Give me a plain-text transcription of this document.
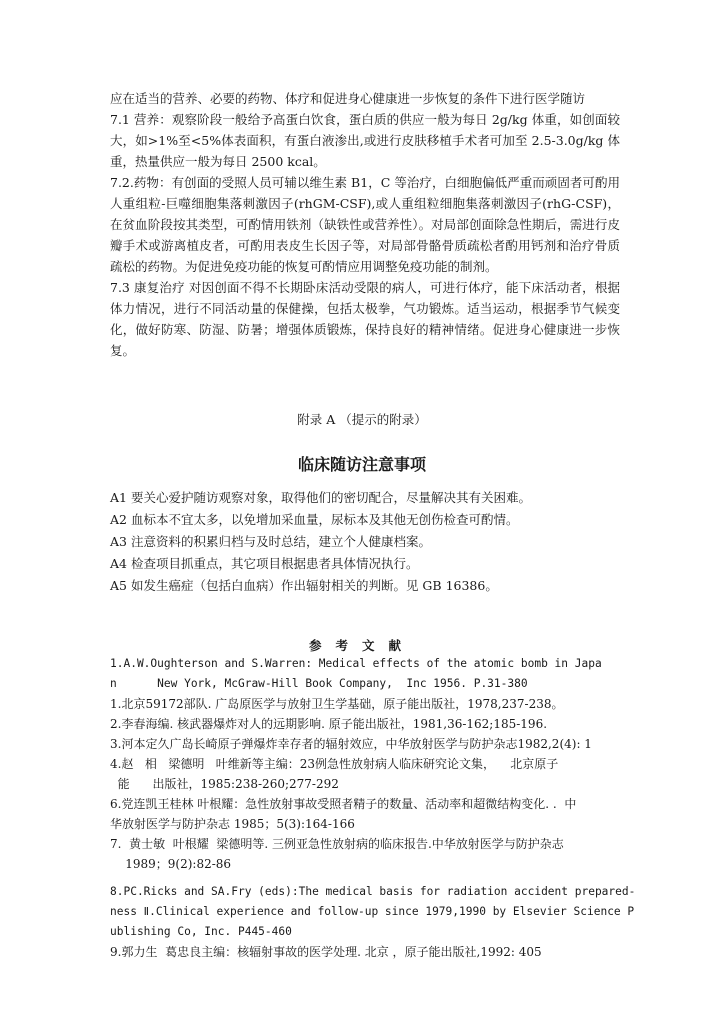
应在适当的营养、必要的药物、体疗和促进身心健康进一步恢复的条件下进行医学随访

7.1 营养：观察阶段一般给予高蛋白饮食，蛋白质的供应一般为每日 2g/kg 体重，如创面较大，如>1%至<5%体表面积，有蛋白液渗出,或进行皮肤移植手术者可加至 2.5-3.0g/kg 体重，热量供应一般为每日 2500 kcal。

7.2.药物：有创面的受照人员可辅以维生素 B1，C 等治疗，白细胞偏低严重而顽固者可酌用人重组粒-巨噬细胞集落刺激因子(rhGM-CSF),或人重组粒细胞集落刺激因子(rhG-CSF)，在贫血阶段按其类型，可酌情用铁剂（缺铁性或营养性）。对局部创面除急性期后，需进行皮瓣手术或游离植皮者，可酌用表皮生长因子等，对局部骨骼骨质疏松者酌用钙剂和治疗骨质疏松的药物。为促进免疫功能的恢复可酌情应用调整免疫功能的制剂。

7.3 康复治疗 对因创面不得不长期卧床活动受限的病人，可进行体疗，能下床活动者，根据体力情况，进行不同活动量的保健操，包括太极拳，气功锻炼。适当运动，根据季节气候变化，做好防寒、防湿、防暑；增强体质锻炼，保持良好的精神情绪。促进身心健康进一步恢复。

附录 A （提示的附录）

临床随访注意事项

A1 要关心爱护随访观察对象，取得他们的密切配合，尽量解决其有关困难。

A2 血标本不宜太多，以免增加采血量，尿标本及其他无创伤检查可酌情。

A3 注意资料的积累归档与及时总结，建立个人健康档案。

A4 检查项目抓重点，其它项目根据患者具体情况执行。

A5 如发生癌症（包括白血病）作出辐射相关的判断。见 GB 16386。

参考文献

1.A.W.Oughterson and S.Warren: Medical effects of the atomic bomb in Japa

n      New York, McGraw-Hill Book Company,  Inc 1956. P.31-380

1.北京59172部队. 广岛原医学与放射卫生学基础，原子能出版社，1978,237-238。

2.李春海编. 核武器爆炸对人的远期影响. 原子能出版社，1981,36-162;185-196.

3.河本定久广岛长崎原子弹爆炸幸存者的辐射效应，中华放射医学与防护杂志1982,2(4): 1

4.赵   相   梁德明   叶维新等主编：23例急性放射病人临床研究论文集，    北京原子

能      出版社，1985:238-260;277-292

6.党连凯王桂林 叶根耀：急性放射事故受照者精子的数量、活动率和超微结构变化. .  中

华放射医学与防护杂志 1985；5(3):164-166

7.  黄士敏  叶根耀  梁德明等. 三例亚急性放射病的临床报告.中华放射医学与防护杂志

1989；9(2):82-86

8.PC.Ricks and SA.Fry (eds):The medical basis for radiation accident prepared-

ness Ⅱ.Clinical experience and follow-up since 1979,1990 by Elsevier Science P

ublishing Co, Inc. P445-460

9.郭力生  葛忠良主编：核辐射事故的医学处理. 北京 ，原子能出版社,1992: 405
